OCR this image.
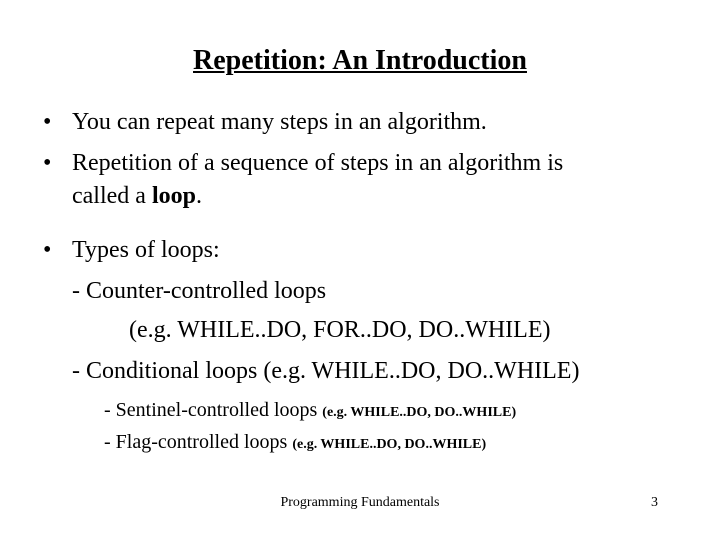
Repetition: An Introduction
• You can repeat many steps in an algorithm.
• Repetition of a sequence of steps in an algorithm is
called a loop.
• Types of loops:
- Counter-controlled loops
(e.g. WHILE..DO, FOR..DO, DO..WHILE)
- Conditional loops (e.g. WHILE..DO, DO..WHILE)
- Sentinel-controlled loops (e.g. WHILE..DO, DO..WHILE)
- Flag-controlled loops (e.g. WHILE..DO, DO..WHILE)
Programming Fundamentals	3
